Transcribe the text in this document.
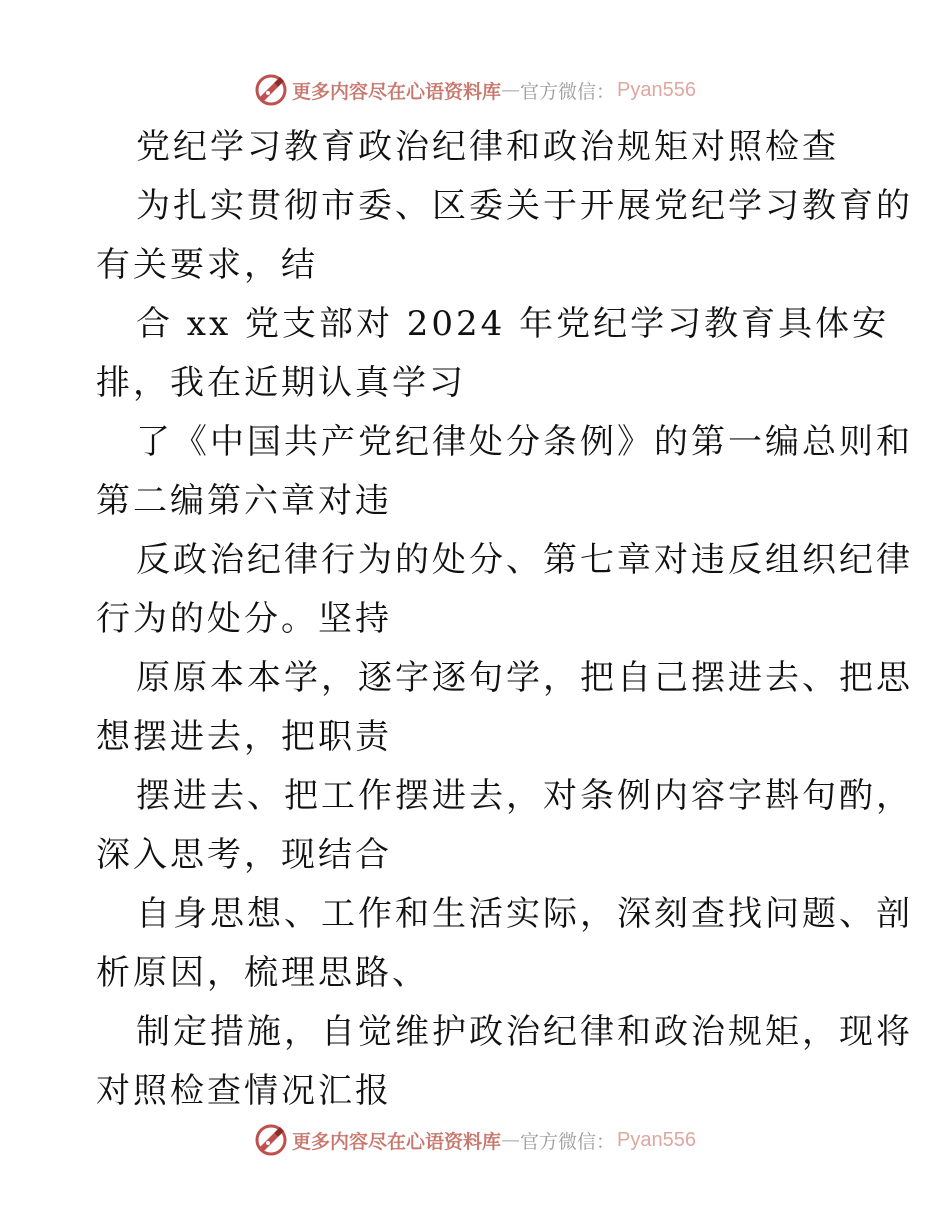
更多内容尽在心语资料库 — 官方微信： Pyan556
党纪学习教育政治纪律和政治规矩对照检查
为扎实贯彻市委、区委关于开展党纪学习教育的
有关要求，结
合 xx 党支部对 2024 年党纪学习教育具体安
排，我在近期认真学习
了《中国共产党纪律处分条例》的第一编总则和
第二编第六章对违
反政治纪律行为的处分、第七章对违反组织纪律
行为的处分。坚持
原原本本学，逐字逐句学，把自己摆进去、把思
想摆进去，把职责
摆进去、把工作摆进去，对条例内容字斟句酌，
深入思考，现结合
自身思想、工作和生活实际，深刻查找问题、剖
析原因，梳理思路、
制定措施，自觉维护政治纪律和政治规矩，现将
对照检查情况汇报
更多内容尽在心语资料库 — 官方微信： Pyan556
